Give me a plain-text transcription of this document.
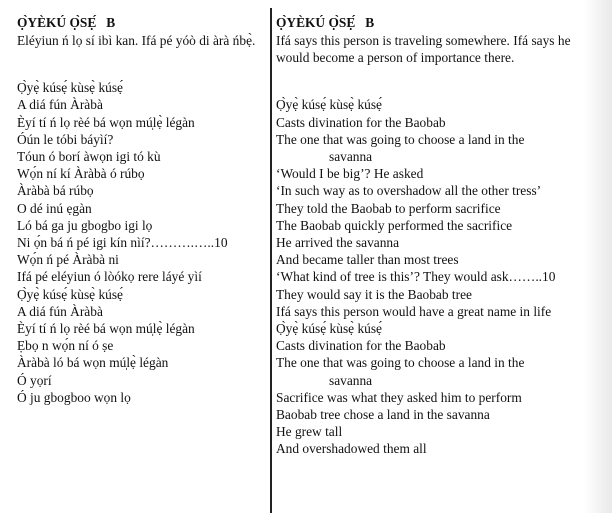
Ọ̀YÈKÚ Ọ̀SẸ́   B

Eléyiun ń lọ sí ibì kan. Ifá pé yóò di àrà ńbẹ̀.

Ọ̀yẹ̀ kúsẹ́ kùsẹ̀ kúsẹ́

A diá fún Àràbà

Èyí tí ń lọ rèé bá wọn mú̩lẹ̀ légàn

Óún le tóbi báyìí?

Tóun ó borí àwọn igi tó kù

Wọ́n ní kí Àràbà ó rúbọ

Àràbà bá rúbọ

O dé inú ẹgàn

Ló bá ga ju gbogbo igi lọ

Ni ọ́n bá ń pé igi kín nìí?……….…..10

Wọ́n ń pé Àràbà ni

Ifá pé eléyiun ó lòókọ rere láyé yìí

Ọ̀yẹ̀ kúsẹ́ kùsẹ̀ kúsẹ́

A diá fún Àràbà

Èyí tí ń lọ rèé bá wọn mú̩lẹ̀ légàn

Ẹbọ n wọ́n ní ó ṣe

Àràbà ló bá wọn mú̩lẹ̀ légàn

Ó yọrí

Ó ju gbogboo wọn lọ

Ọ̀YÈKÚ Ọ̀SẸ́   B

Ifá says this person is traveling somewhere. Ifá says he would become a person of importance there.

Ọ̀yẹ̀ kúsẹ́ kùsẹ̀ kúsẹ́

Casts divination for the Baobab

The one that was going to choose a land in the

savanna

‘Would I be big’? He asked

‘In such way as to overshadow all the other tress’

They told the Baobab to perform sacrifice

The Baobab quickly performed the sacrifice

He arrived the savanna

And became taller than most trees

‘What kind of tree is this’? They would ask……..10

They would say it is the Baobab tree

Ifá says this person would have a great name in life

Ọ̀yẹ̀ kúsẹ́ kùsẹ̀ kúsẹ́

Casts divination for the Baobab

The one that was going to choose a land in the

savanna

Sacrifice was what they asked him to perform

Baobab tree chose a land in the savanna

He grew tall

And overshadowed them all
